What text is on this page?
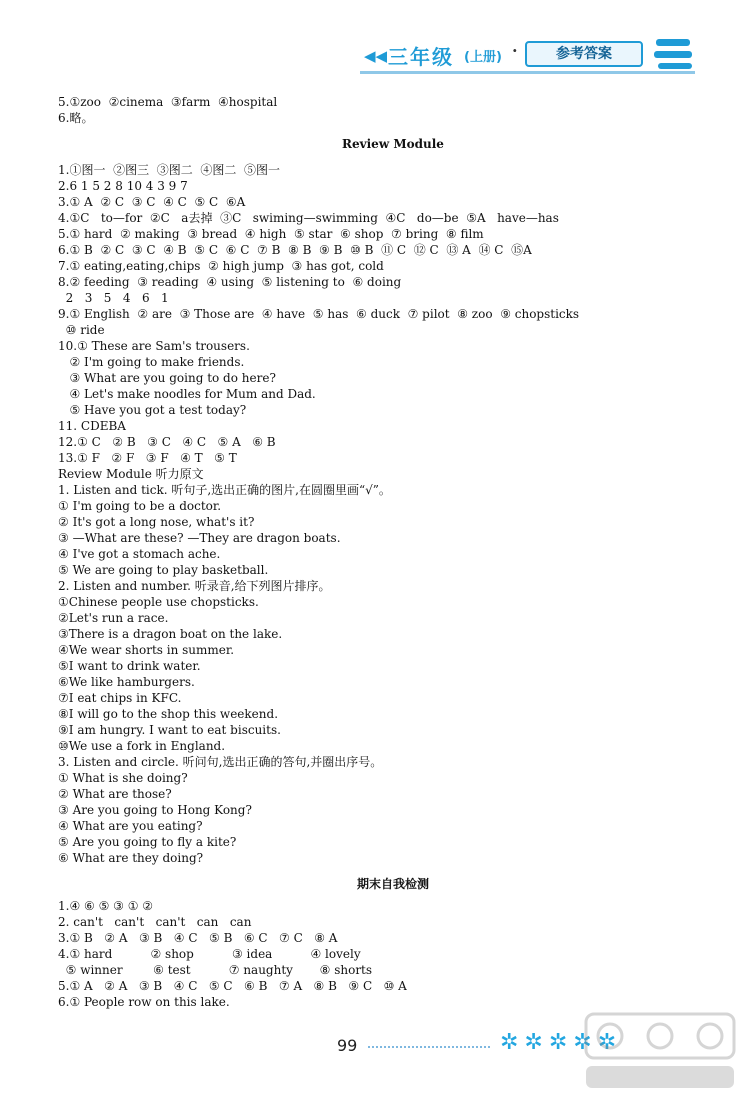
◀◀ 三年级 (上册) ·	参考答案
5.①zoo  ②cinema  ③farm  ④hospital
6.略。
Review Module
1.①图一  ②图三  ③图二  ④图二  ⑤图一
2.6 1 5 2 8 10 4 3 9 7
3.① A  ② C  ③ C  ④ C  ⑤ C  ⑥A
4.①C   to—for  ②C   a去掉  ③C   swiming—swimming  ④C   do—be  ⑤A   have—has
5.① hard  ② making  ③ bread  ④ high  ⑤ star  ⑥ shop  ⑦ bring  ⑧ film
6.① B  ② C  ③ C  ④ B  ⑤ C  ⑥ C  ⑦ B  ⑧ B  ⑨ B  ⑩ B  ⑪ C  ⑫ C  ⑬ A  ⑭ C  ⑮A
7.① eating,eating,chips  ② high jump  ③ has got, cold
8.② feeding  ③ reading  ④ using  ⑤ listening to  ⑥ doing
2   3   5   4   6   1
9.① English  ② are  ③ Those are  ④ have  ⑤ has  ⑥ duck  ⑦ pilot  ⑧ zoo  ⑨ chopsticks
⑩ ride
10.① These are Sam's trousers.
② I'm going to make friends.
③ What are you going to do here?
④ Let's make noodles for Mum and Dad.
⑤ Have you got a test today?
11. CDEBA
12.① C   ② B   ③ C   ④ C   ⑤ A   ⑥ B
13.① F   ② F   ③ F   ④ T   ⑤ T
Review Module 听力原文
1. Listen and tick. 听句子,选出正确的图片,在圆圈里画“√”。
① I'm going to be a doctor.
② It's got a long nose, what's it?
③ —What are these? —They are dragon boats.
④ I've got a stomach ache.
⑤ We are going to play basketball.
2. Listen and number. 听录音,给下列图片排序。
①Chinese people use chopsticks.
②Let's run a race.
③There is a dragon boat on the lake.
④We wear shorts in summer.
⑤I want to drink water.
⑥We like hamburgers.
⑦I eat chips in KFC.
⑧I will go to the shop this weekend.
⑨I am hungry. I want to eat biscuits.
⑩We use a fork in England.
3. Listen and circle. 听问句,选出正确的答句,并圈出序号。
① What is she doing?
② What are those?
③ Are you going to Hong Kong?
④ What are you eating?
⑤ Are you going to fly a kite?
⑥ What are they doing?
期末自我检测
1.④ ⑥ ⑤ ③ ① ②
2. can't   can't   can't   can   can
3.① B   ② A   ③ B   ④ C   ⑤ B   ⑥ C   ⑦ C   ⑧ A
4.① hard          ② shop          ③ idea          ④ lovely
⑤ winner        ⑥ test          ⑦ naughty       ⑧ shorts
5.① A   ② A   ③ B   ④ C   ⑤ C   ⑥ B   ⑦ A   ⑧ B   ⑨ C   ⑩ A
6.① People row on this lake.
99	✲✲✲✲✲
